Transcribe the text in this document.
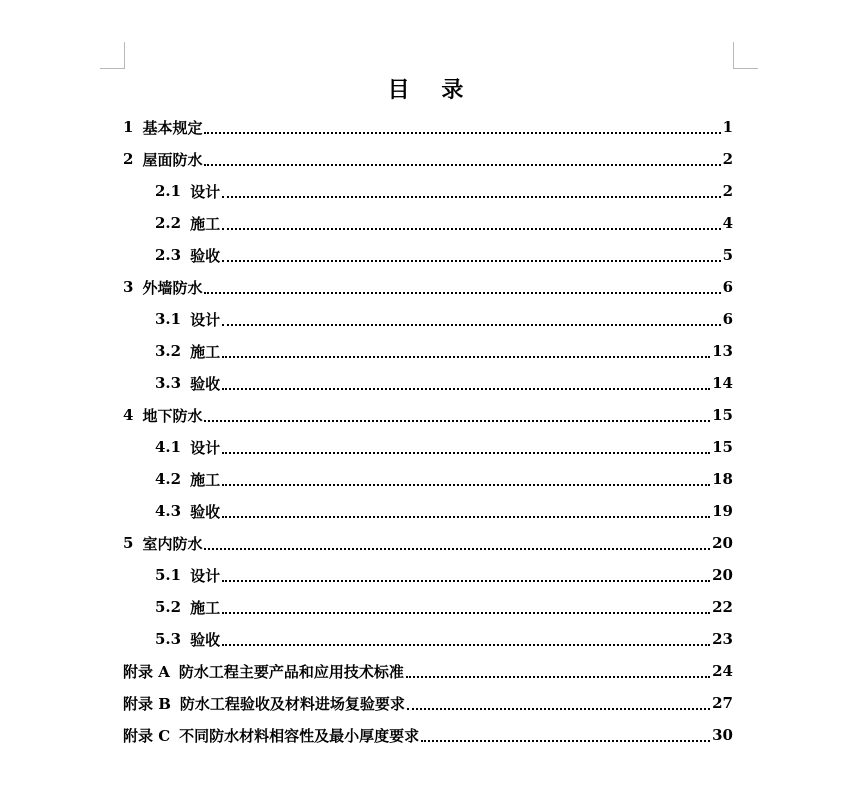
目 录
1 基本规定	1
2 屋面防水	2
2.1 设计	2
2.2 施工	4
2.3 验收	5
3 外墙防水	6
3.1 设计	6
3.2 施工	13
3.3 验收	14
4 地下防水	15
4.1 设计	15
4.2 施工	18
4.3 验收	19
5 室内防水	20
5.1 设计	20
5.2 施工	22
5.3 验收	23
附录 A 防水工程主要产品和应用技术标准	24
附录 B 防水工程验收及材料进场复验要求	27
附录 C 不同防水材料相容性及最小厚度要求	30
